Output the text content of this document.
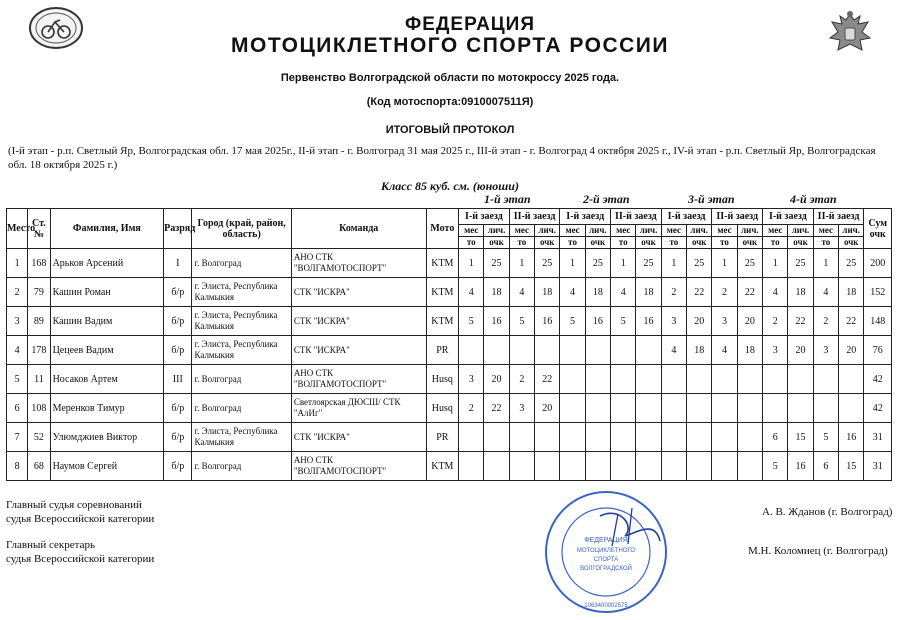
ФЕДЕРАЦИЯ
МОТОЦИКЛЕТНОГО СПОРТА РОССИИ
Первенство Волгоградской области по мотокроссу 2025 года.
(Код мотоспорта:0910007511Я)
ИТОГОВЫЙ ПРОТОКОЛ
(I-й этап - р.п. Светлый Яр, Волгоградская обл. 17 мая 2025г., II-й этап - г. Волгоград 31 мая 2025 г., III-й этап - г. Волгоград 4 октября 2025 г., IV-й этап - р.п. Светлый Яр, Волгоградская обл. 18 октября 2025 г.)
Класс 85 куб. см. (юноши)
1-й этап	2-й этап	3-й этап	4-й этап
Место	Ст.№	Фамилия, Имя	Разряд	Город (край, район, область)	Команда	Мото	I-й заезд		II-й заезд		I-й заезд		II-й заезд		I-й заезд		II-й заезд		I-й заезд		II-й заезд		Сум очк
							мес	лич.	мес	лич.	мес	лич.	мес	лич.	мес	лич.	мес	лич.	мес	лич.	мес	лич.	
							то	очк	то	очк	то	очк	то	очк	то	очк	то	очк	то	очк	то	очк	
1	168	Арьков Арсений	I	г. Волгоград	АНО СТК "ВОЛГАМОТОСПОРТ"	KTM	1	25	1	25	1	25	1	25	1	25	1	25	1	25	1	25	200
2	79	Кашин Роман	б/р	г. Элиста, Республика Калмыкия	СТК "ИСКРА"	KTM	4	18	4	18	4	18	4	18	2	22	2	22	4	18	4	18	152
3	89	Кашин Вадим	б/р	г. Элиста, Республика Калмыкия	СТК "ИСКРА"	KTM	5	16	5	16	5	16	5	16	3	20	3	20	2	22	2	22	148
4	178	Цецеев Вадим	б/р	г. Элиста, Республика Калмыкия	СТК "ИСКРА"	PR									4	18	4	18	3	20	3	20	76
5	11	Носаков Артем	III	г. Волгоград	АНО СТК "ВОЛГАМОТОСПОРТ"	Husq	3	20	2	22													42
6	108	Меренков Тимур	б/р	г. Волгоград	Светлоярская ДЮСШ/ СТК "АлИг"	Husq	2	22	3	20													42
7	52	Улюмджиев Виктор	б/р	г. Элиста, Республика Калмыкия	СТК "ИСКРА"	PR													6	15	5	16	31
8	68	Наумов Сергей	б/р	г. Волгоград	АНО СТК "ВОЛГАМОТОСПОРТ"	KTM													5	16	6	15	31
Главный судья соревнований
судья Всероссийской категории
А. В. Жданов (г. Волгоград)
Главный секретарь
судья Всероссийской категории
М.Н. Коломиец (г. Волгоград)
ФЕДЕРАЦИЯ
МОТОЦИКЛЕТНОГО
СПОРТА
ВОЛГОГРАДСКОЙ
1063400002575
